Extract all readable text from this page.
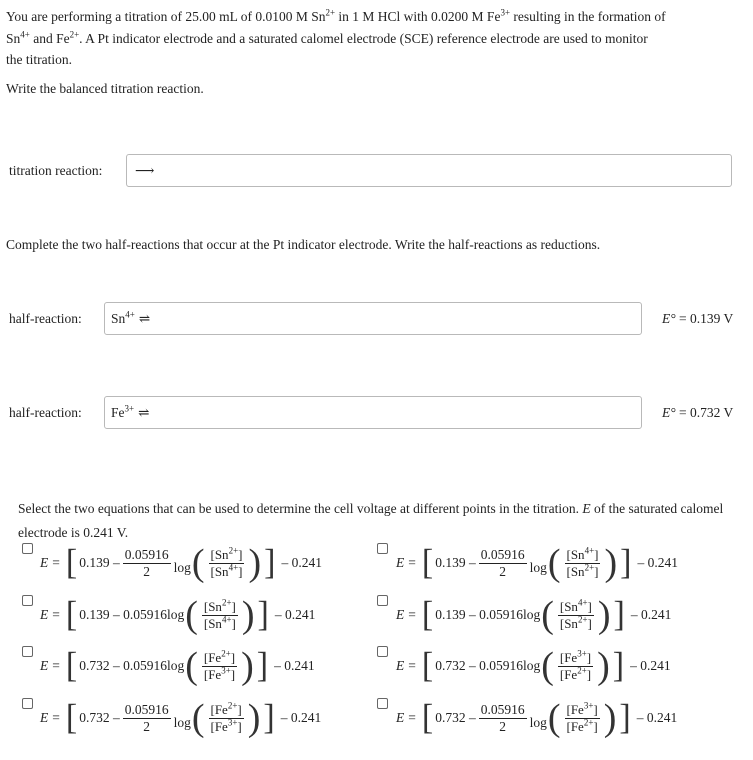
You are performing a titration of 25.00 mL of 0.0100 M $Sn^{2+}$ in 1 M HCl with 0.0200 M $Fe^{3+}$ resulting in the formation of
$Sn^{4+}$ and $Fe^{2+}$. A Pt indicator electrode and a saturated calomel electrode (SCE) reference electrode are used to monitor
the titration.
Write the balanced titration reaction.
titration reaction: ⟶
Complete the two half-reactions that occur at the Pt indicator electrode. Write the half-reactions as reductions.
half-reaction: $Sn^{4+}$ ⇌	E° = 0.139 V
half-reaction: $Fe^{3+}$ ⇌	E° = 0.732 V
Select the two equations that can be used to determine the cell voltage at different points in the titration. E of the saturated calomel electrode is 0.241 V.
E = [ $0.139 - \frac{0.05916}{2}$ log ( $\frac{[Sn^{2+}]}{[Sn^{4+}]}$ ) ] – 0.241	E = [ $0.139 - \frac{0.05916}{2}$ log ( $\frac{[Sn^{4+}]}{[Sn^{2+}]}$ ) ] – 0.241
E = [ 0.139 – 0.05916log ( $\frac{[Sn^{2+}]}{[Sn^{4+}]}$ ) ] – 0.241	E = [ 0.139 – 0.05916log ( $\frac{[Sn^{4+}]}{[Sn^{2+}]}$ ) ] – 0.241
E = [ 0.732 – 0.05916log ( $\frac{[Fe^{2+}]}{[Fe^{3+}]}$ ) ] – 0.241	E = [ 0.732 – 0.05916log ( $\frac{[Fe^{3+}]}{[Fe^{2+}]}$ ) ] – 0.241
E = [ $0.732 - \frac{0.05916}{2}$ log ( $\frac{[Fe^{2+}]}{[Fe^{3+}]}$ ) ] – 0.241	E = [ $0.732 - \frac{0.05916}{2}$ log ( $\frac{[Fe^{3+}]}{[Fe^{2+}]}$ ) ] – 0.241
